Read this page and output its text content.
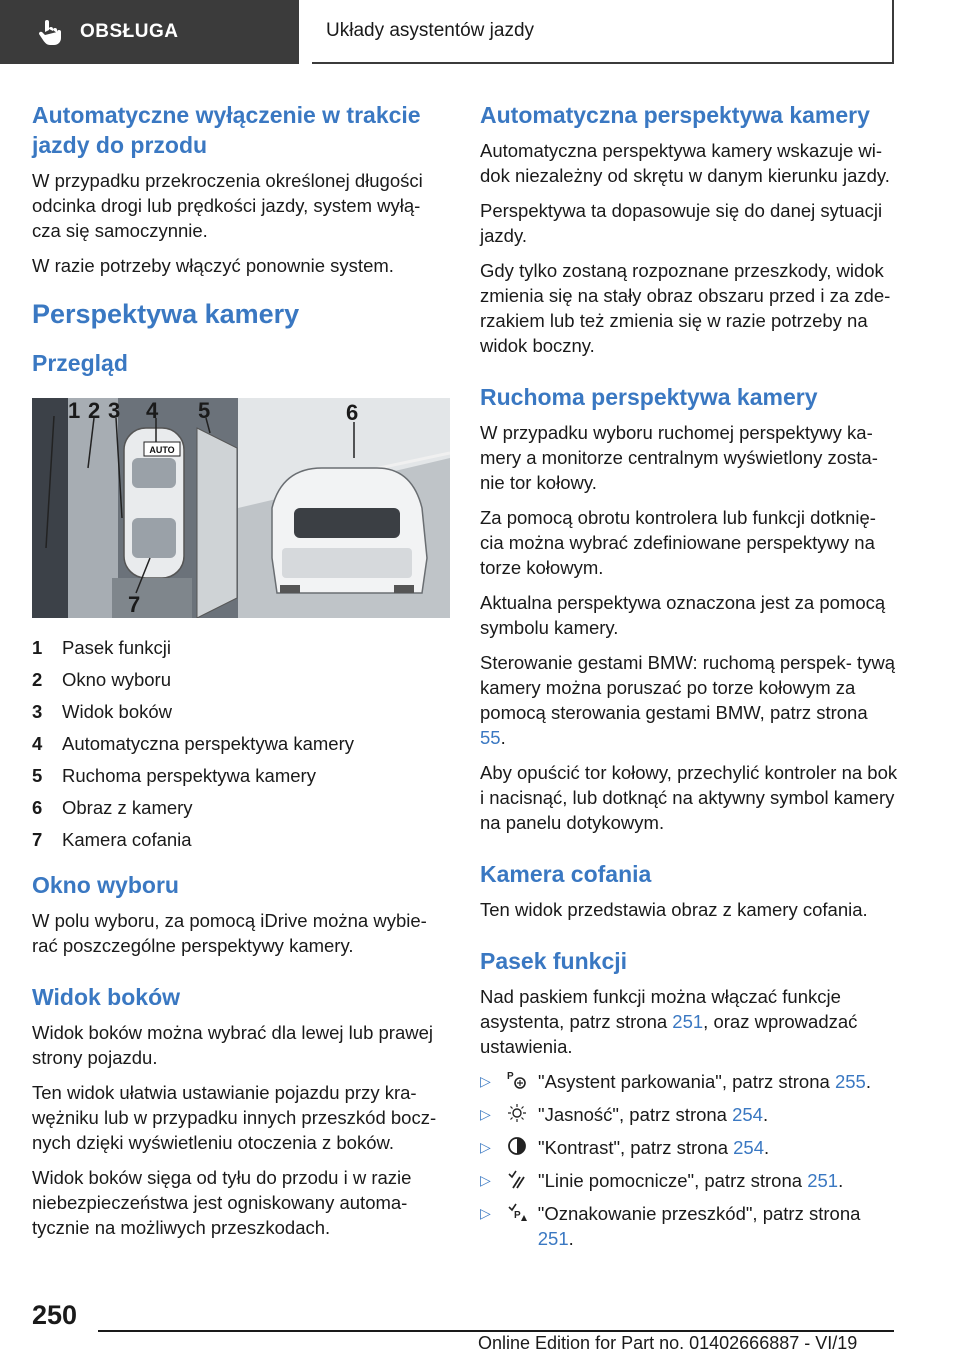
OBSŁUGA	Układy asystentów jazdy
Automatyczne wyłączenie w trakcie jazdy do przodu

W przypadku przekroczenia określonej długości odcinka drogi lub prędkości jazdy, system wyłą‐ cza się samoczynnie.

W razie potrzeby włączyć ponownie system.

Perspektywa kamery
Przegląd
AUTO
1 2 3 4 5	6
7
1	Pasek funkcji
2	Okno wyboru
3	Widok boków
4	Automatyczna perspektywa kamery
5	Ruchoma perspektywa kamery
6	Obraz z kamery
7	Kamera cofania
Okno wyboru

W polu wyboru, za pomocą iDrive można wybie‐ rać poszczególne perspektywy kamery.

Widok boków

Widok boków można wybrać dla lewej lub prawej strony pojazdu.

Ten widok ułatwia ustawianie pojazdu przy kra‐ wężniku lub w przypadku innych przeszkód bocz‐ nych dzięki wyświetleniu otoczenia z boków.

Widok boków sięga od tyłu do przodu i w razie niebezpieczeństwa jest ogniskowany automa‐ tycznie na możliwych przeszkodach.

Automatyczna perspektywa kamery

Automatyczna perspektywa kamery wskazuje wi‐ dok niezależny od skrętu w danym kierunku jazdy.

Perspektywa ta dopasowuje się do danej sytuacji jazdy.

Gdy tylko zostaną rozpoznane przeszkody, widok zmienia się na stały obraz obszaru przed i za zde‐ rzakiem lub też zmienia się w razie potrzeby na widok boczny.

Ruchoma perspektywa kamery

W przypadku wyboru ruchomej perspektywy ka‐ mery a monitorze centralnym wyświetlony zosta‐ nie tor kołowy.

Za pomocą obrotu kontrolera lub funkcji dotknię‐ cia można wybrać zdefiniowane perspektywy na torze kołowym.

Aktualna perspektywa oznaczona jest za pomocą symbolu kamery.

Sterowanie gestami BMW: ruchomą perspek‐ tywą kamery można poruszać po torze kołowym za pomocą sterowania gestami BMW, patrz strona 55.

Aby opuścić tor kołowy, przechylić kontroler na bok i nacisnąć, lub dotknąć na aktywny symbol kamery na panelu dotykowym.

Kamera cofania

Ten widok przedstawia obraz z kamery cofania.

Pasek funkcji

Nad paskiem funkcji można włączać funkcje asystenta, patrz strona 251, oraz wprowadzać ustawienia.

▷	P "Asystent parkowania", patrz strona 255.
▷	"Jasność", patrz strona 254.
▷	"Kontrast", patrz strona 254.
▷	"Linie pomocnicze", patrz strona 251.
▷	P "Oznakowanie przeszkód", patrz strona 251.
250
Online Edition for Part no. 01402666887 - VI/19
